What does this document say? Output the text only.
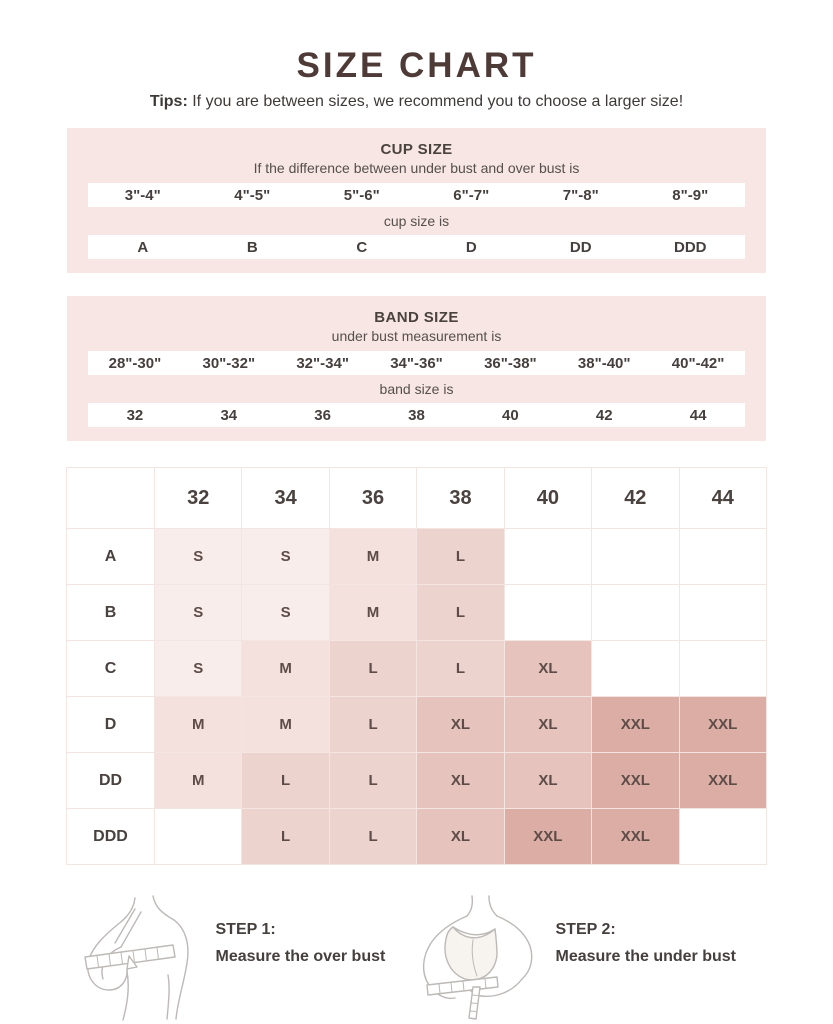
SIZE CHART

Tips: If you are between sizes, we recommend you to choose a larger size!

CUP SIZE

If the difference between under bust and over bust is

3"-4"	4"-5"	5"-6"	6"-7"	7"-8"	8"-9"

cup size is

A	B	C	D	DD	DDD
BAND SIZE

under bust measurement is

28"-30"	30"-32"	32"-34"	34"-36"	36"-38"	38"-40"	40"-42"

band size is

32	34	36	38	40	42	44
SIZE
CUP	32	34	36	38	40	42	44
A	S	S	M	L			
B	S	S	M	L			
C	S	M	L	L	XL		
D	M	M	L	XL	XL	XXL	XXL
DD	M	L	L	XL	XL	XXL	XXL
DDD		L	L	XL	XXL	XXL	

STEP 1:

Measure the over bust

STEP 2:

Measure the under bust
